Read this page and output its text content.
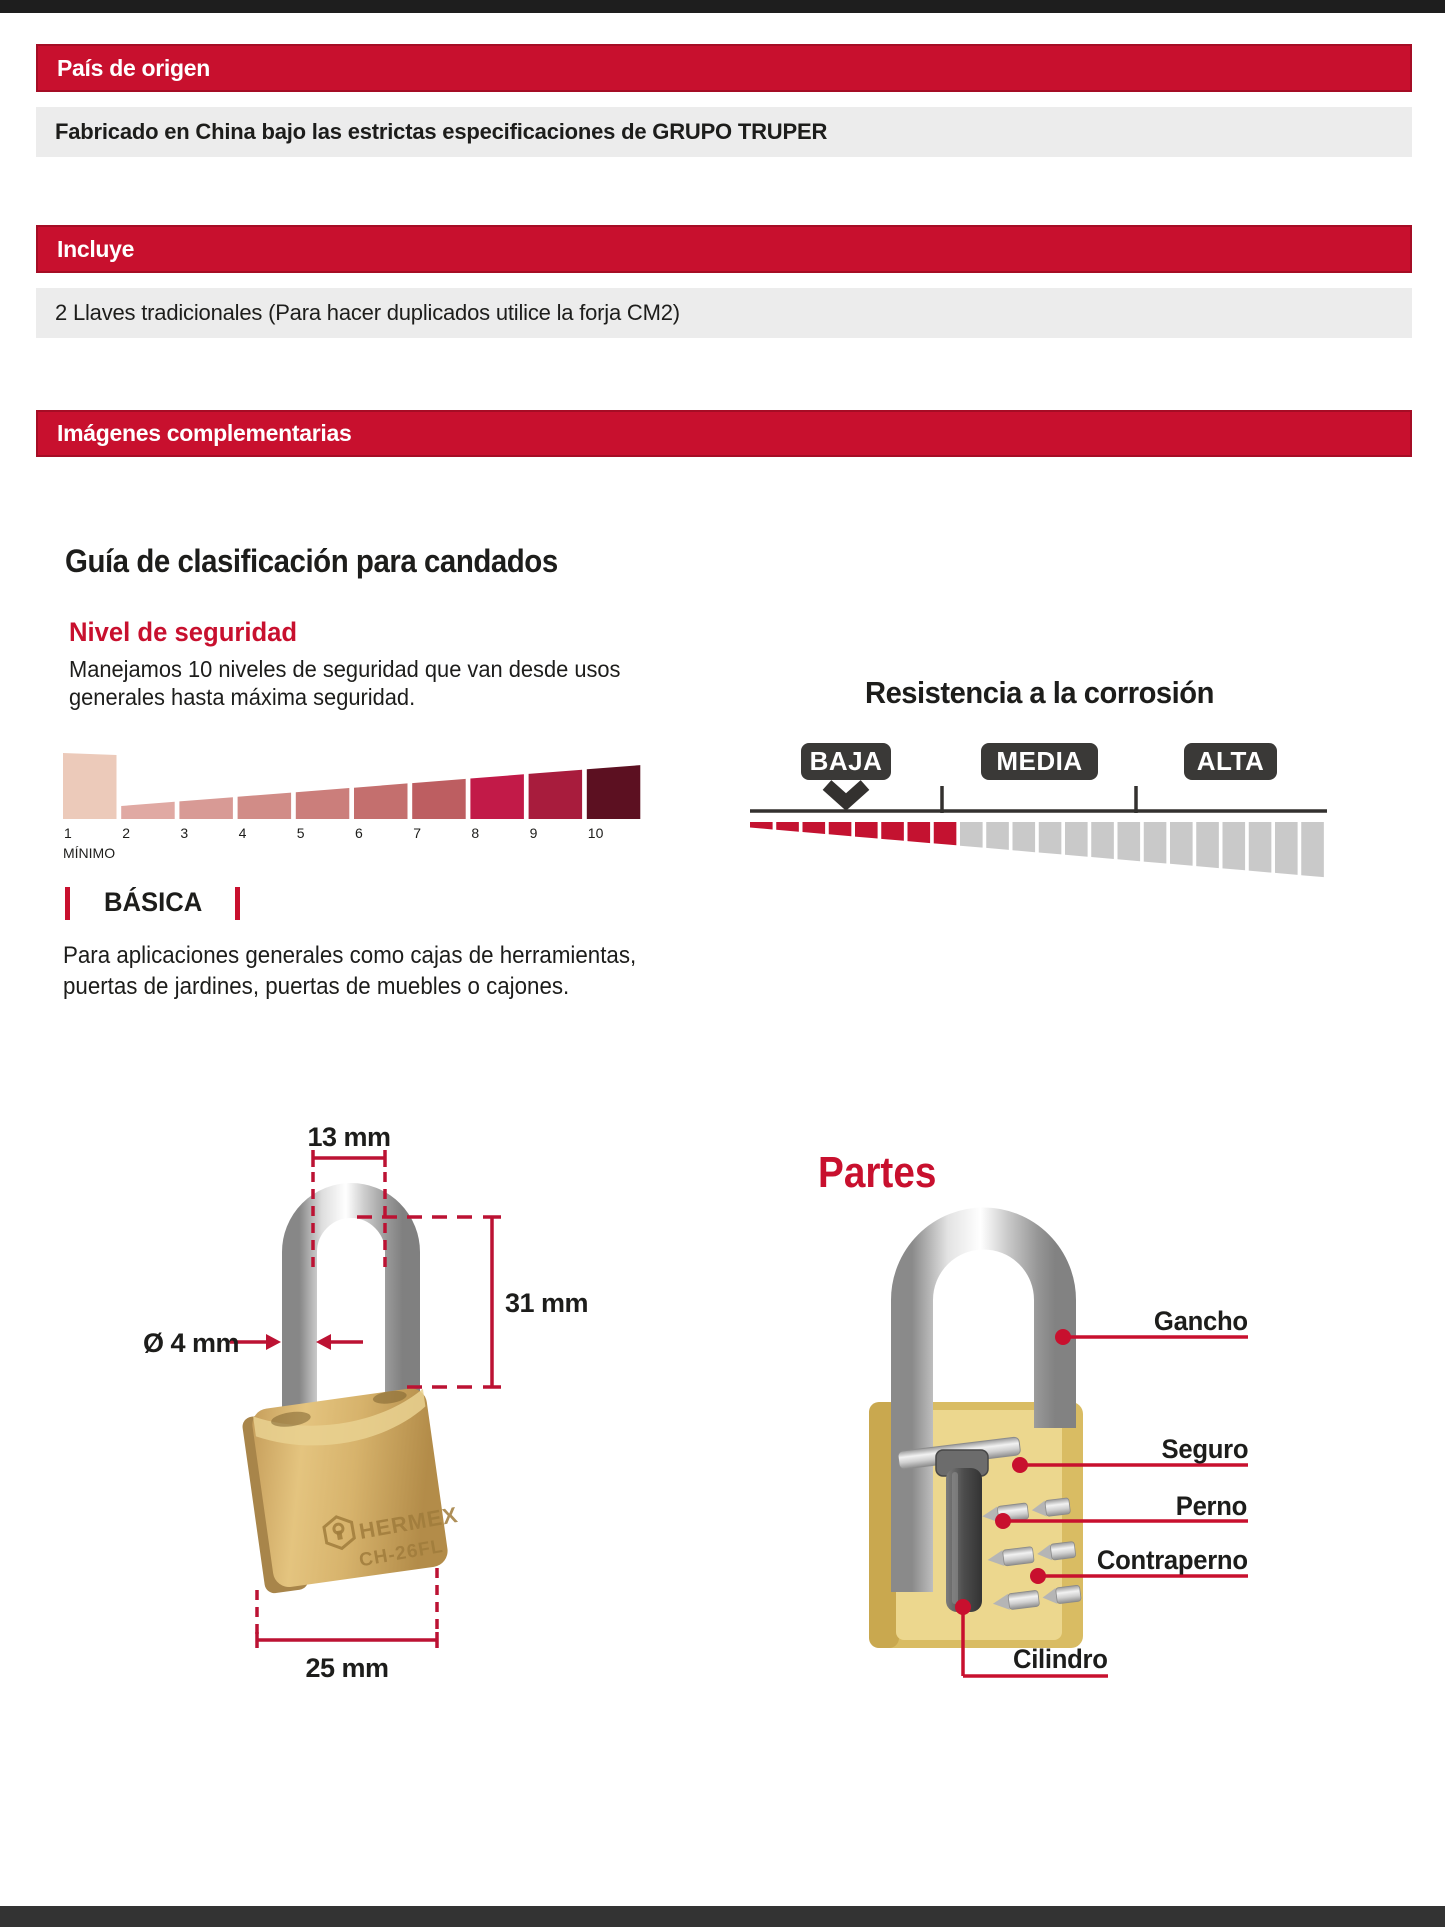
País de origen
Fabricado en China bajo las estrictas especificaciones de GRUPO TRUPER
Incluye
2 Llaves tradicionales (Para hacer duplicados utilice la forja CM2)
Imágenes complementarias
Guía de clasificación para candados
Nivel de seguridad
Manejamos 10 niveles de seguridad que van desde usos
generales hasta máxima seguridad.
1	2	3	4	5	6	7	8	9	10
MÍNIMO
Resistencia a la corrosión
BAJA	MEDIA	ALTA
BÁSICA
Para aplicaciones generales como cajas de herramientas,
puertas de jardines, puertas de muebles o cajones.
HERMEX
CH-26FL
13 mm
31 mm
Ø 4 mm
25 mm
Partes
Gancho
Seguro
Perno
Contraperno
Cilindro
